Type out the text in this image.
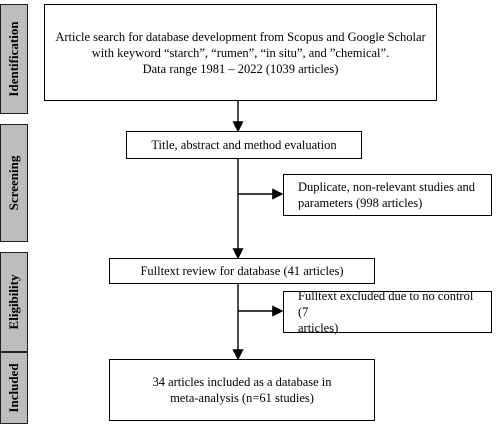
Identification
Screening
Eligibility
Included
Article search for database development from Scopus and Google Scholar
with keyword “starch”, “rumen”, “in situ”, and ”chemical”.
Data range 1981 – 2022 (1039 articles)
Title, abstract and method evaluation
Duplicate, non-relevant studies and
parameters (998 articles)
Fulltext review for database (41 articles)
Fulltext excluded due to no control (7
articles)
34 articles included as a database in
meta-analysis (n=61 studies)
